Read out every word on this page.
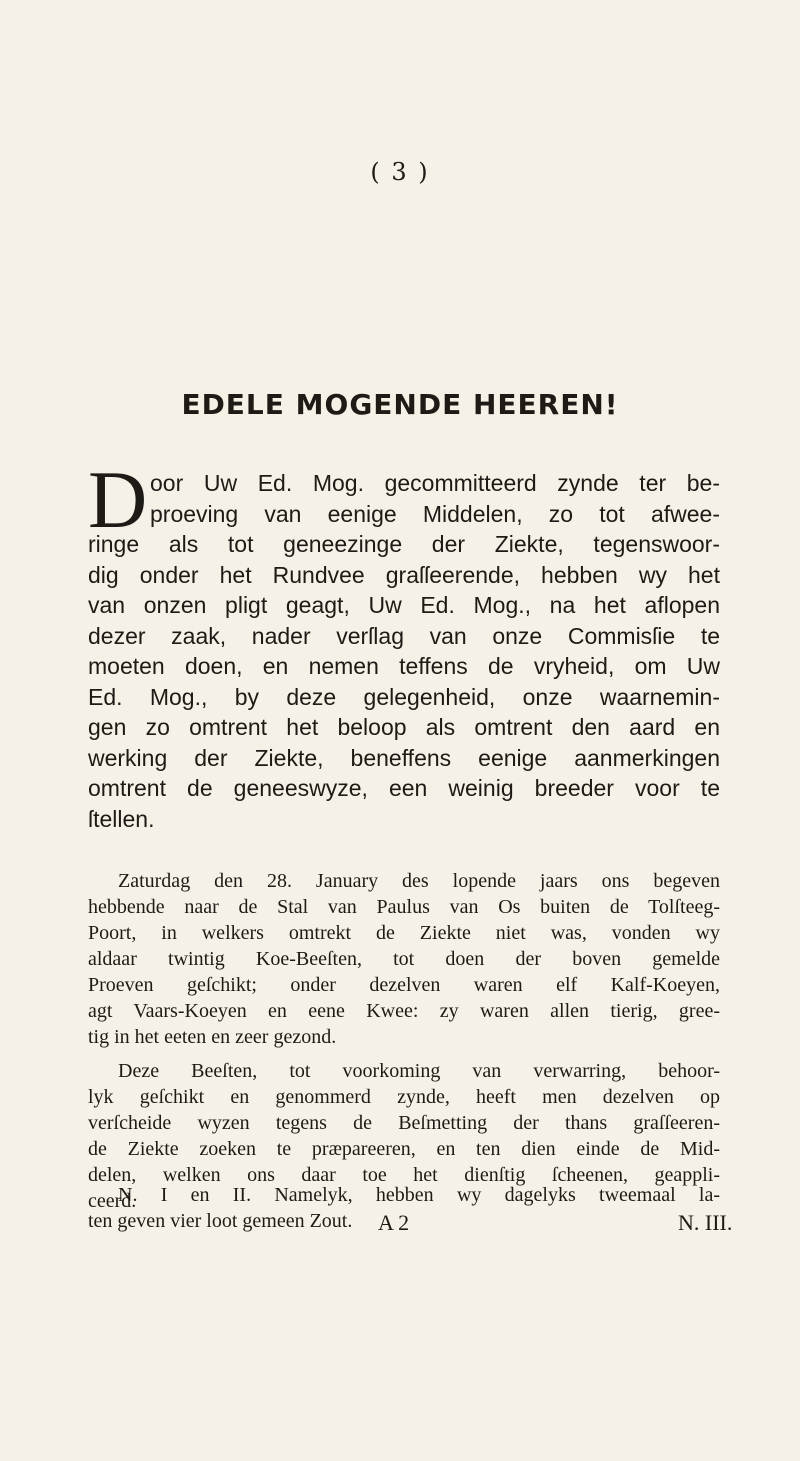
( 3 )
EDELE MOGENDE HEEREN!
D oor Uw Ed. Mog. gecommitteerd zynde ter be-
proeving van eenige Middelen, zo tot afwee-
ringe als tot geneezinge der Ziekte, tegenswoor-
dig onder het Rundvee graſſeerende, hebben wy het
van onzen pligt geagt, Uw Ed. Mog., na het aflopen
dezer zaak, nader verſlag van onze Commisſie te
moeten doen, en nemen teffens de vryheid, om Uw
Ed. Mog., by deze gelegenheid, onze waarnemin-
gen zo omtrent het beloop als omtrent den aard en
werking der Ziekte, beneffens eenige aanmerkingen
omtrent de geneeswyze, een weinig breeder voor te
ſtellen.
Zaturdag den 28. January des lopende jaars ons begeven
hebbende naar de Stal van Paulus van Os buiten de Tolſteeg-
Poort, in welkers omtrekt de Ziekte niet was, vonden wy
aldaar twintig Koe-Beeſten, tot doen der boven gemelde
Proeven geſchikt; onder dezelven waren elf Kalf-Koeyen,
agt Vaars-Koeyen en eene Kwee: zy waren allen tierig, gree-
tig in het eeten en zeer gezond.
Deze Beeſten, tot voorkoming van verwarring, behoor-
lyk geſchikt en genommerd zynde, heeft men dezelven op
verſcheide wyzen tegens de Beſmetting der thans graſſeeren-
de Ziekte zoeken te præpareeren, en ten dien einde de Mid-
delen, welken ons daar toe het dienſtig ſcheenen, geappli-
ceerd.
N. I en II. Namelyk, hebben wy dagelyks tweemaal la-
ten geven vier loot gemeen Zout.	A 2	N. III.
